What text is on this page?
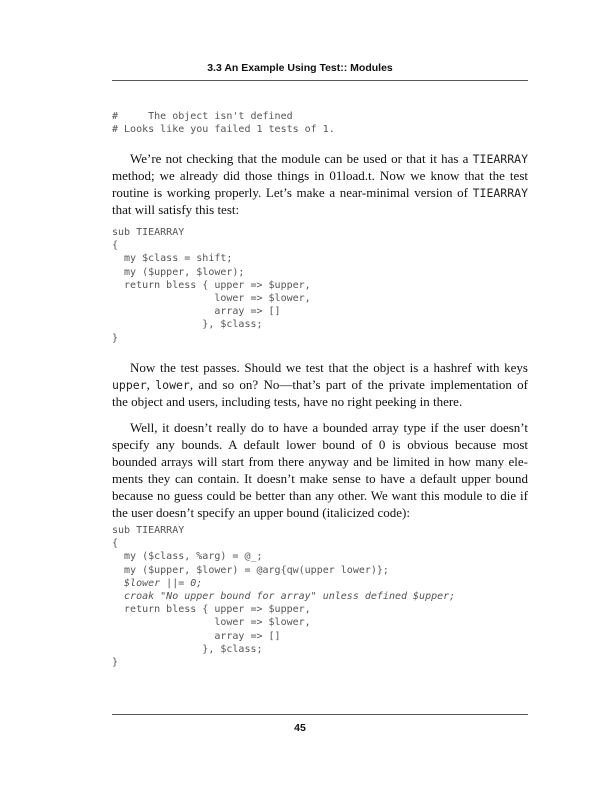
3.3 An Example Using Test:: Modules
#     The object isn't defined
# Looks like you failed 1 tests of 1.
We’re not checking that the module can be used or that it has a TIEARRAY
method; we already did those things in 01load.t. Now we know that the test
routine is working properly. Let’s make a near-minimal version of TIEARRAY
that will satisfy this test:
sub TIEARRAY
{
my $class = shift;
my ($upper, $lower);
return bless { upper => $upper,
lower => $lower,
array => []
}, $class;
}
Now the test passes. Should we test that the object is a hashref with keys
upper, lower, and so on? No—that’s part of the private implementation of
the object and users, including tests, have no right peeking in there.
Well, it doesn’t really do to have a bounded array type if the user doesn’t
specify any bounds. A default lower bound of 0 is obvious because most
bounded arrays will start from there anyway and be limited in how many ele-
ments they can contain. It doesn’t make sense to have a default upper bound
because no guess could be better than any other. We want this module to die if
the user doesn’t specify an upper bound (italicized code):
sub TIEARRAY
{
my ($class, %arg) = @_;
my ($upper, $lower) = @arg{qw(upper lower)};
$lower ||= 0;
croak "No upper bound for array" unless defined $upper;
return bless { upper => $upper,
lower => $lower,
array => []
}, $class;
}
45
